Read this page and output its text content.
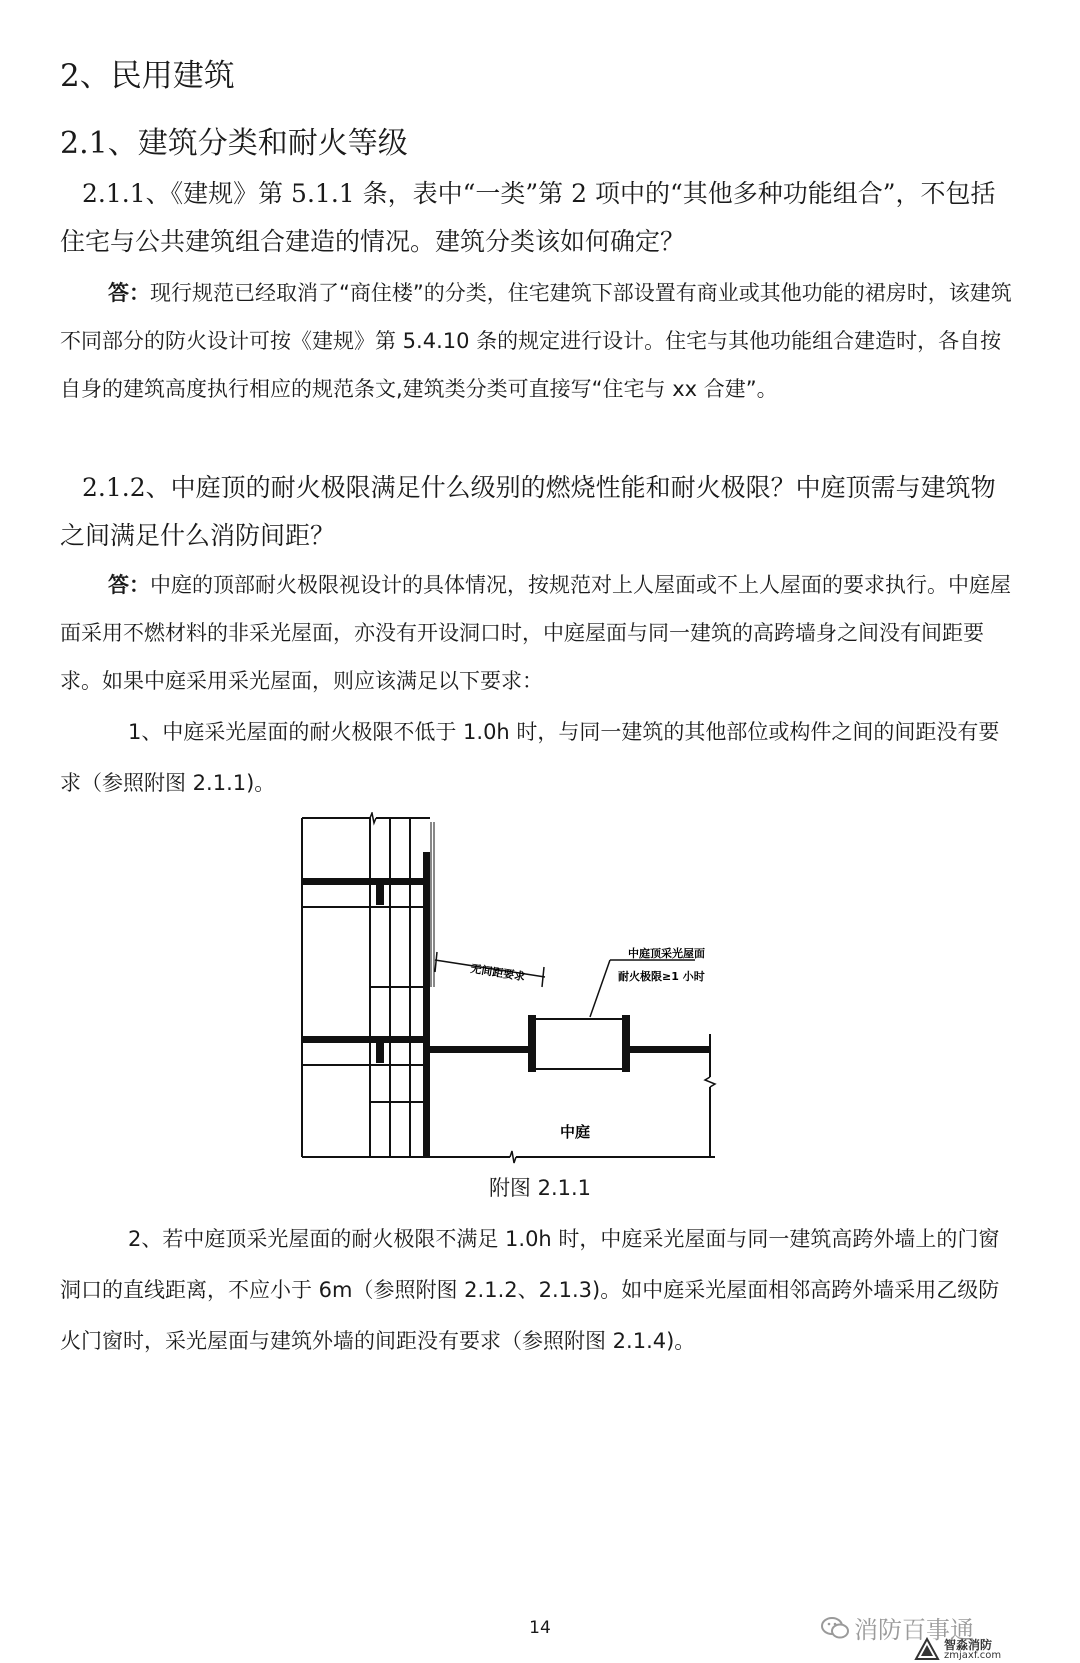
2、民用建筑
2.1、建筑分类和耐火等级
2.1.1、《建规》第 5.1.1 条，表中“一类”第 2 项中的“其他多种功能组合”，不包括住宅与公共建筑组合建造的情况。建筑分类该如何确定？
答：现行规范已经取消了“商住楼”的分类，住宅建筑下部设置有商业或其他功能的裙房时，该建筑不同部分的防火设计可按《建规》第 5.4.10 条的规定进行设计。住宅与其他功能组合建造时，各自按自身的建筑高度执行相应的规范条文,建筑类分类可直接写“住宅与 xx 合建”。
2.1.2、中庭顶的耐火极限满足什么级别的燃烧性能和耐火极限？中庭顶需与建筑物之间满足什么消防间距？
答：中庭的顶部耐火极限视设计的具体情况，按规范对上人屋面或不上人屋面的要求执行。中庭屋面采用不燃材料的非采光屋面，亦没有开设洞口时，中庭屋面与同一建筑的高跨墙身之间没有间距要求。如果中庭采用采光屋面，则应该满足以下要求：
1、中庭采光屋面的耐火极限不低于 1.0h 时，与同一建筑的其他部位或构件之间的间距没有要求（参照附图 2.1.1)。
无间距要求
中庭顶采光屋面
耐火极限≥1 小时
中庭
附图 2.1.1
2、若中庭顶采光屋面的耐火极限不满足 1.0h 时，中庭采光屋面与同一建筑高跨外墙上的门窗洞口的直线距离，不应小于 6m（参照附图 2.1.2、2.1.3)。如中庭采光屋面相邻高跨外墙采用乙级防火门窗时，采光屋面与建筑外墙的间距没有要求（参照附图 2.1.4)。
14	消防百事通
智淼消防
zmjaxf.com
